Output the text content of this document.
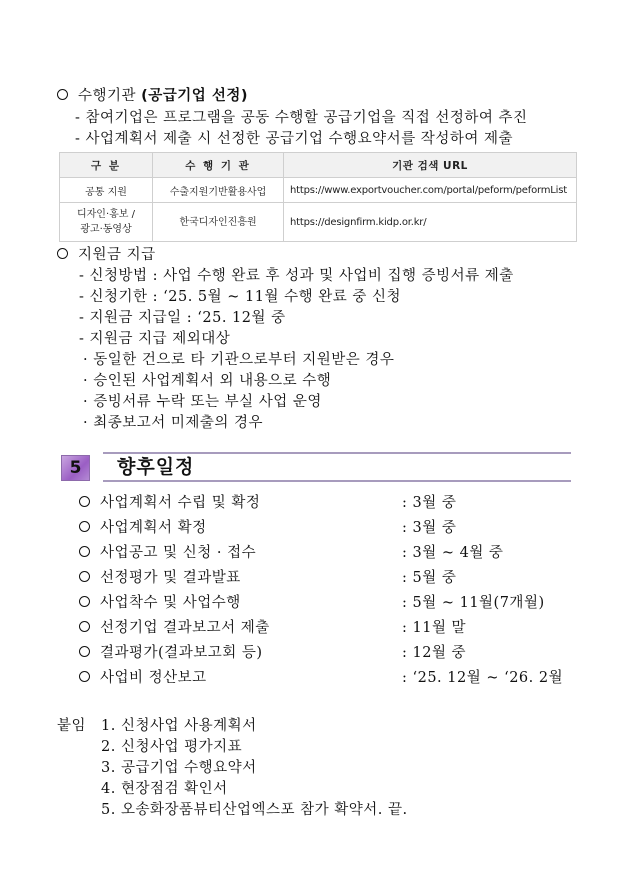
수행기관 (공급기업 선정)
- 참여기업은 프로그램을 공동 수행할 공급기업을 직접 선정하여 추진
- 사업계획서 제출 시 선정한 공급기업 수행요약서를 작성하여 제출
구 분	수 행 기 관	기관 검색 URL
공통 지원	수출지원기반활용사업	https://www.exportvoucher.com/portal/peform/peformList

디자인·홍보 /
광고·동영상	한국디자인진흥원	https://designfirm.kidp.or.kr/
지원금 지급
- 신청방법 : 사업 수행 완료 후 성과 및 사업비 집행 증빙서류 제출
- 신청기한 : ‘25. 5월 ~ 11월 수행 완료 중 신청
- 지원금 지급일 : ‘25. 12월 중
- 지원금 지급 제외대상
· 동일한 건으로 타 기관으로부터 지원받은 경우
· 승인된 사업계획서 외 내용으로 수행
· 증빙서류 누락 또는 부실 사업 운영
· 최종보고서 미제출의 경우
5	향후일정
사업계획서 수립 및 확정	: 3월 중
사업계획서 확정	: 3월 중
사업공고 및 신청 · 접수	: 3월 ~ 4월 중
선정평가 및 결과발표	: 5월 중
사업착수 및 사업수행	: 5월 ~ 11월(7개월)
선정기업 결과보고서 제출	: 11월 말
결과평가(결과보고회 등)	: 12월 중
사업비 정산보고	: ‘25. 12월 ~ ‘26. 2월
붙임 1. 신청사업 사용계획서
2. 신청사업 평가지표
3. 공급기업 수행요약서
4. 현장점검 확인서
5. 오송화장품뷰티산업엑스포 참가 확약서. 끝.
